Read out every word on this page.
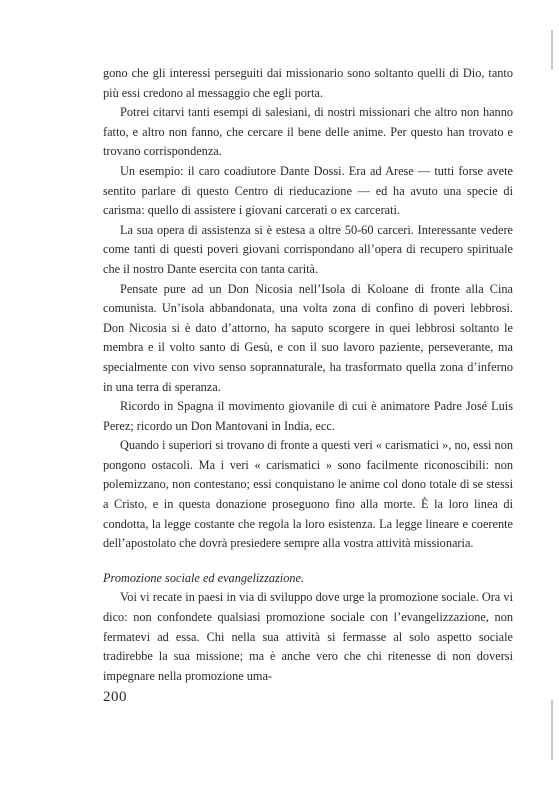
gono che gli interessi perseguiti dai missionario sono soltanto quelli di Dio, tanto più essi credono al messaggio che egli porta.

Potrei citarvi tanti esempi di salesiani, di nostri missionari che altro non hanno fatto, e altro non fanno, che cercare il bene delle anime. Per questo han trovato e trovano corrispondenza.

Un esempio: il caro coadiutore Dante Dossi. Era ad Arese — tutti forse avete sentito parlare di questo Centro di rieducazione — ed ha avuto una specie di carisma: quello di assistere i giovani carcerati o ex carcerati.

La sua opera di assistenza si è estesa a oltre 50-60 carceri. Interessante vedere come tanti di questi poveri giovani corrispondano all’opera di recupero spirituale che il nostro Dante esercita con tanta carità.

Pensate pure ad un Don Nicosia nell’Isola di Koloane di fronte alla Cina comunista. Un’isola abbandonata, una volta zona di confino di poveri lebbrosi. Don Nicosia si è dato d’attorno, ha saputo scorgere in quei lebbrosi soltanto le membra e il volto santo di Gesù, e con il suo lavoro paziente, perseverante, ma specialmente con vivo senso soprannaturale, ha trasformato quella zona d’inferno in una terra di speranza.

Ricordo in Spagna il movimento giovanile di cui è animatore Padre José Luis Perez; ricordo un Don Mantovani in India, ecc.

Quando i superiori si trovano di fronte a questi veri « carismatici », no, essi non pongono ostacoli. Ma i veri « carismatici » sono facilmente riconoscibili: non polemizzano, non contestano; essi conquistano le anime col dono totale di se stessi a Cristo, e in questa donazione proseguono fino alla morte. È la loro linea di condotta, la legge costante che regola la loro esistenza. La legge lineare e coerente dell’apostolato che dovrà presiedere sempre alla vostra attività missionaria.

Promozione sociale ed evangelizzazione.

Voi vi recate in paesi in via di sviluppo dove urge la promozione sociale. Ora vi dico: non confondete qualsiasi promozione sociale con l’evangelizzazione, non fermatevi ad essa. Chi nella sua attività si fermasse al solo aspetto sociale tradirebbe la sua missione; ma è anche vero che chi ritenesse di non doversi impegnare nella promozione uma-

200
